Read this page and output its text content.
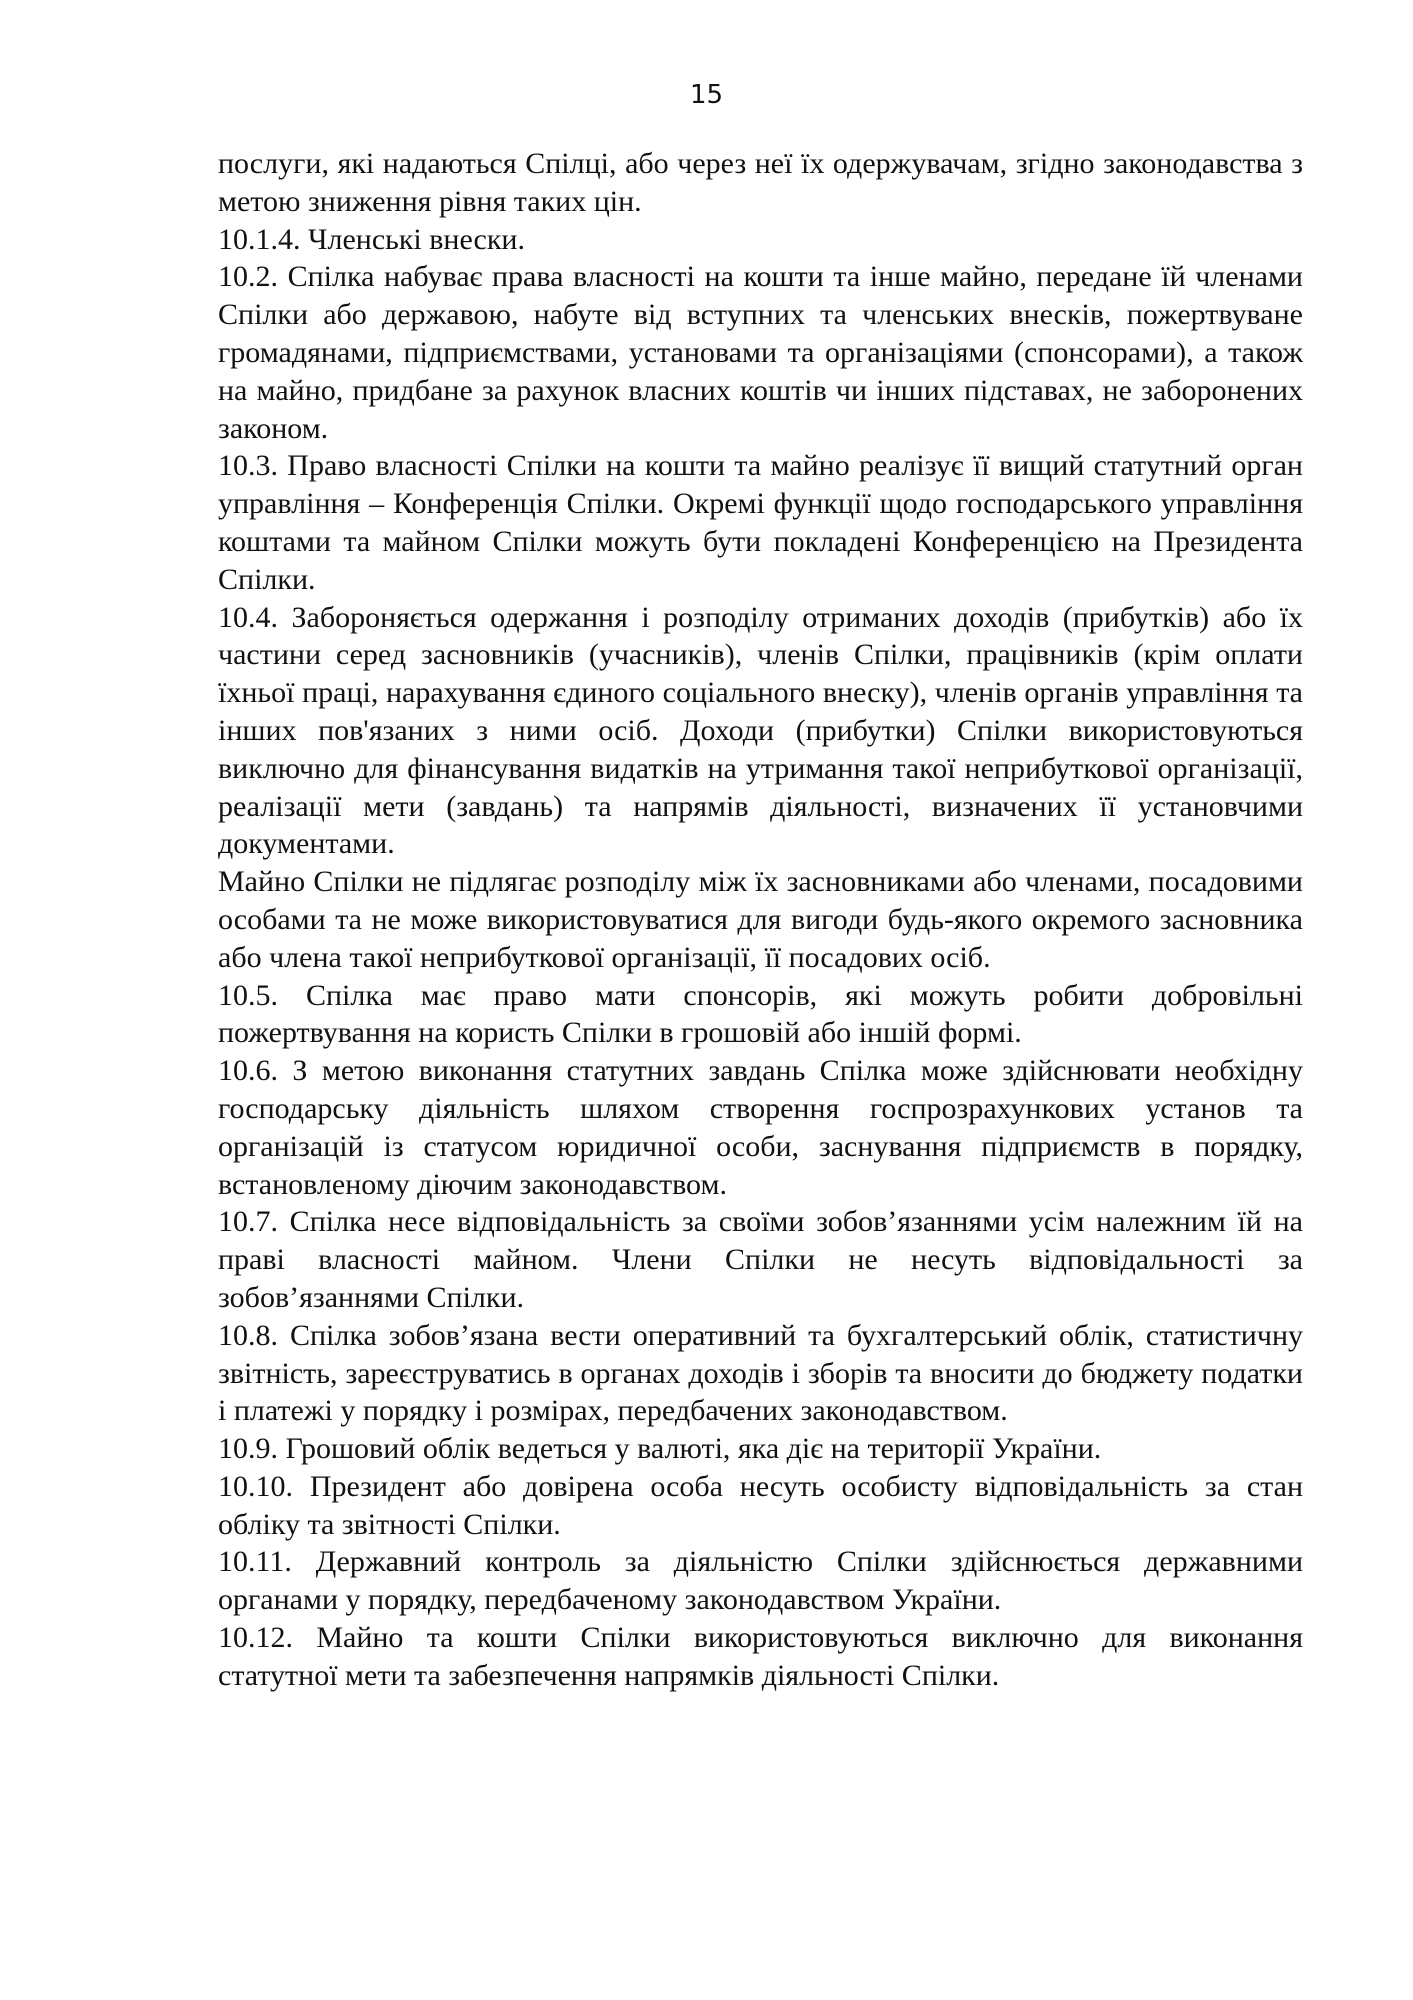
15

послуги, які надаються Спілці, або через неї їх одержувачам, згідно законодавства з метою зниження рівня таких цін.

10.1.4. Членські внески.

10.2. Спілка набуває права власності на кошти та інше майно, передане їй членами Спілки або державою, набуте від вступних та членських внесків, пожертвуване громадянами, підприємствами, установами та організаціями (спонсорами), а також на майно, придбане за рахунок власних коштів чи інших підставах, не заборонених законом.

10.3. Право власності Спілки на кошти та майно реалізує її вищий статутний орган управління – Конференція Спілки. Окремі функції щодо господарського управління коштами та майном Спілки можуть бути покладені Конференцією на Президента Спілки.

10.4. Забороняється одержання і розподілу отриманих доходів (прибутків) або їх частини серед засновників (учасників), членів Спілки, працівників (крім оплати їхньої праці, нарахування єдиного соціального внеску), членів органів управління та інших пов'язаних з ними осіб. Доходи (прибутки) Спілки використовуються виключно для фінансування видатків на утримання такої неприбуткової організації, реалізації мети (завдань) та напрямів діяльності, визначених її установчими документами.

Майно Спілки не підлягає розподілу між їх засновниками або членами, посадовими особами та не може використовуватися для вигоди будь-якого окремого засновника або члена такої неприбуткової організації, її посадових осіб.

10.5. Спілка має право мати спонсорів, які можуть робити добровільні пожертвування на користь Спілки в грошовій або іншій формі.

10.6. З метою виконання статутних завдань Спілка може здійснювати необхідну господарську діяльність шляхом створення госпрозрахункових установ та організацій із статусом юридичної особи, заснування підприємств в порядку, встановленому діючим законодавством.

10.7. Спілка несе відповідальність за своїми зобов’язаннями усім належним їй на праві власності майном. Члени Спілки не несуть відповідальності за зобов’язаннями Спілки.

10.8. Спілка зобов’язана вести оперативний та бухгалтерський облік, статистичну звітність, зареєструватись в органах доходів і зборів та вносити до бюджету податки і платежі у порядку і розмірах, передбачених законодавством.

10.9. Грошовий облік ведеться у валюті, яка діє на території України.

10.10. Президент або довірена особа несуть особисту відповідальність за стан обліку та звітності Спілки.

10.11. Державний контроль за діяльністю Спілки здійснюється державними органами у порядку, передбаченому законодавством України.

10.12. Майно та кошти Спілки використовуються виключно для виконання статутної мети та забезпечення напрямків діяльності Спілки.
